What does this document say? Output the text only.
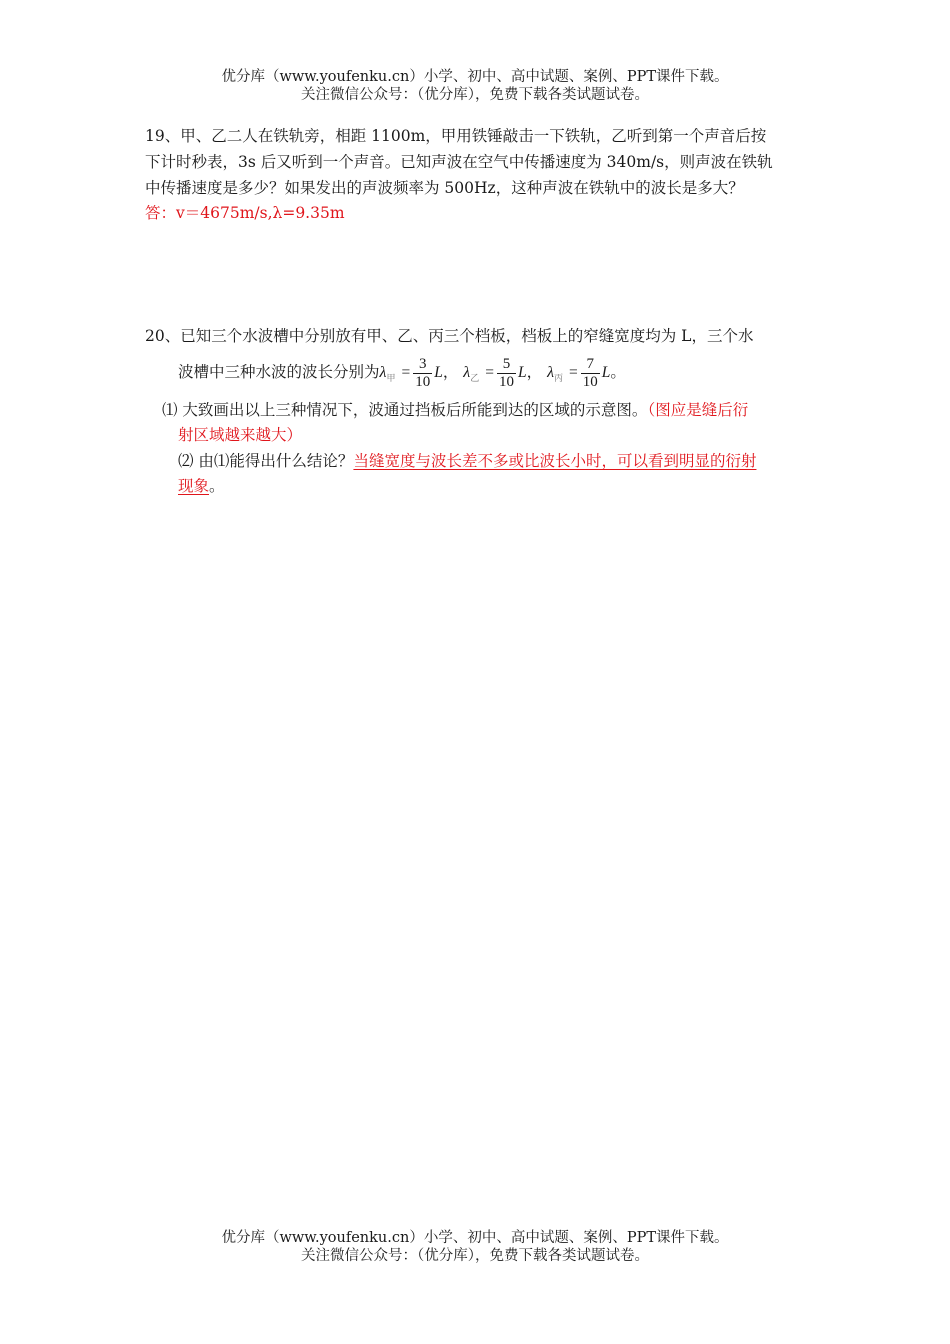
优分库（www.youfenku.cn）小学、初中、高中试题、案例、PPT课件下载。
关注微信公众号：（优分库），免费下载各类试题试卷。
19、甲、乙二人在铁轨旁，相距 1100m，甲用铁锤敲击一下铁轨，乙听到第一个声音后按
下计时秒表，3s 后又听到一个声音。已知声波在空气中传播速度为 340m/s，则声波在铁轨
中传播速度是多少？如果发出的声波频率为 500Hz，这种声波在铁轨中的波长是多大？
答：v＝4675m/s,λ=9.35m
20、已知三个水波槽中分别放有甲、乙、丙三个档板，档板上的窄缝宽度均为 L，三个水
波槽中三种水波的波长分别为$\lambda_甲 = \frac{3}{10}$ L， $\lambda_乙 = \frac{5}{10}$ L， $\lambda_丙 = \frac{7}{10}$ L。
⑴ 大致画出以上三种情况下，波通过挡板后所能到达的区域的示意图。（图应是缝后衍
射区域越来越大）
⑵ 由⑴能得出什么结论？当缝宽度与波长差不多或比波长小时，可以看到明显的衍射
现象。
优分库（www.youfenku.cn）小学、初中、高中试题、案例、PPT课件下载。
关注微信公众号：（优分库），免费下载各类试题试卷。
